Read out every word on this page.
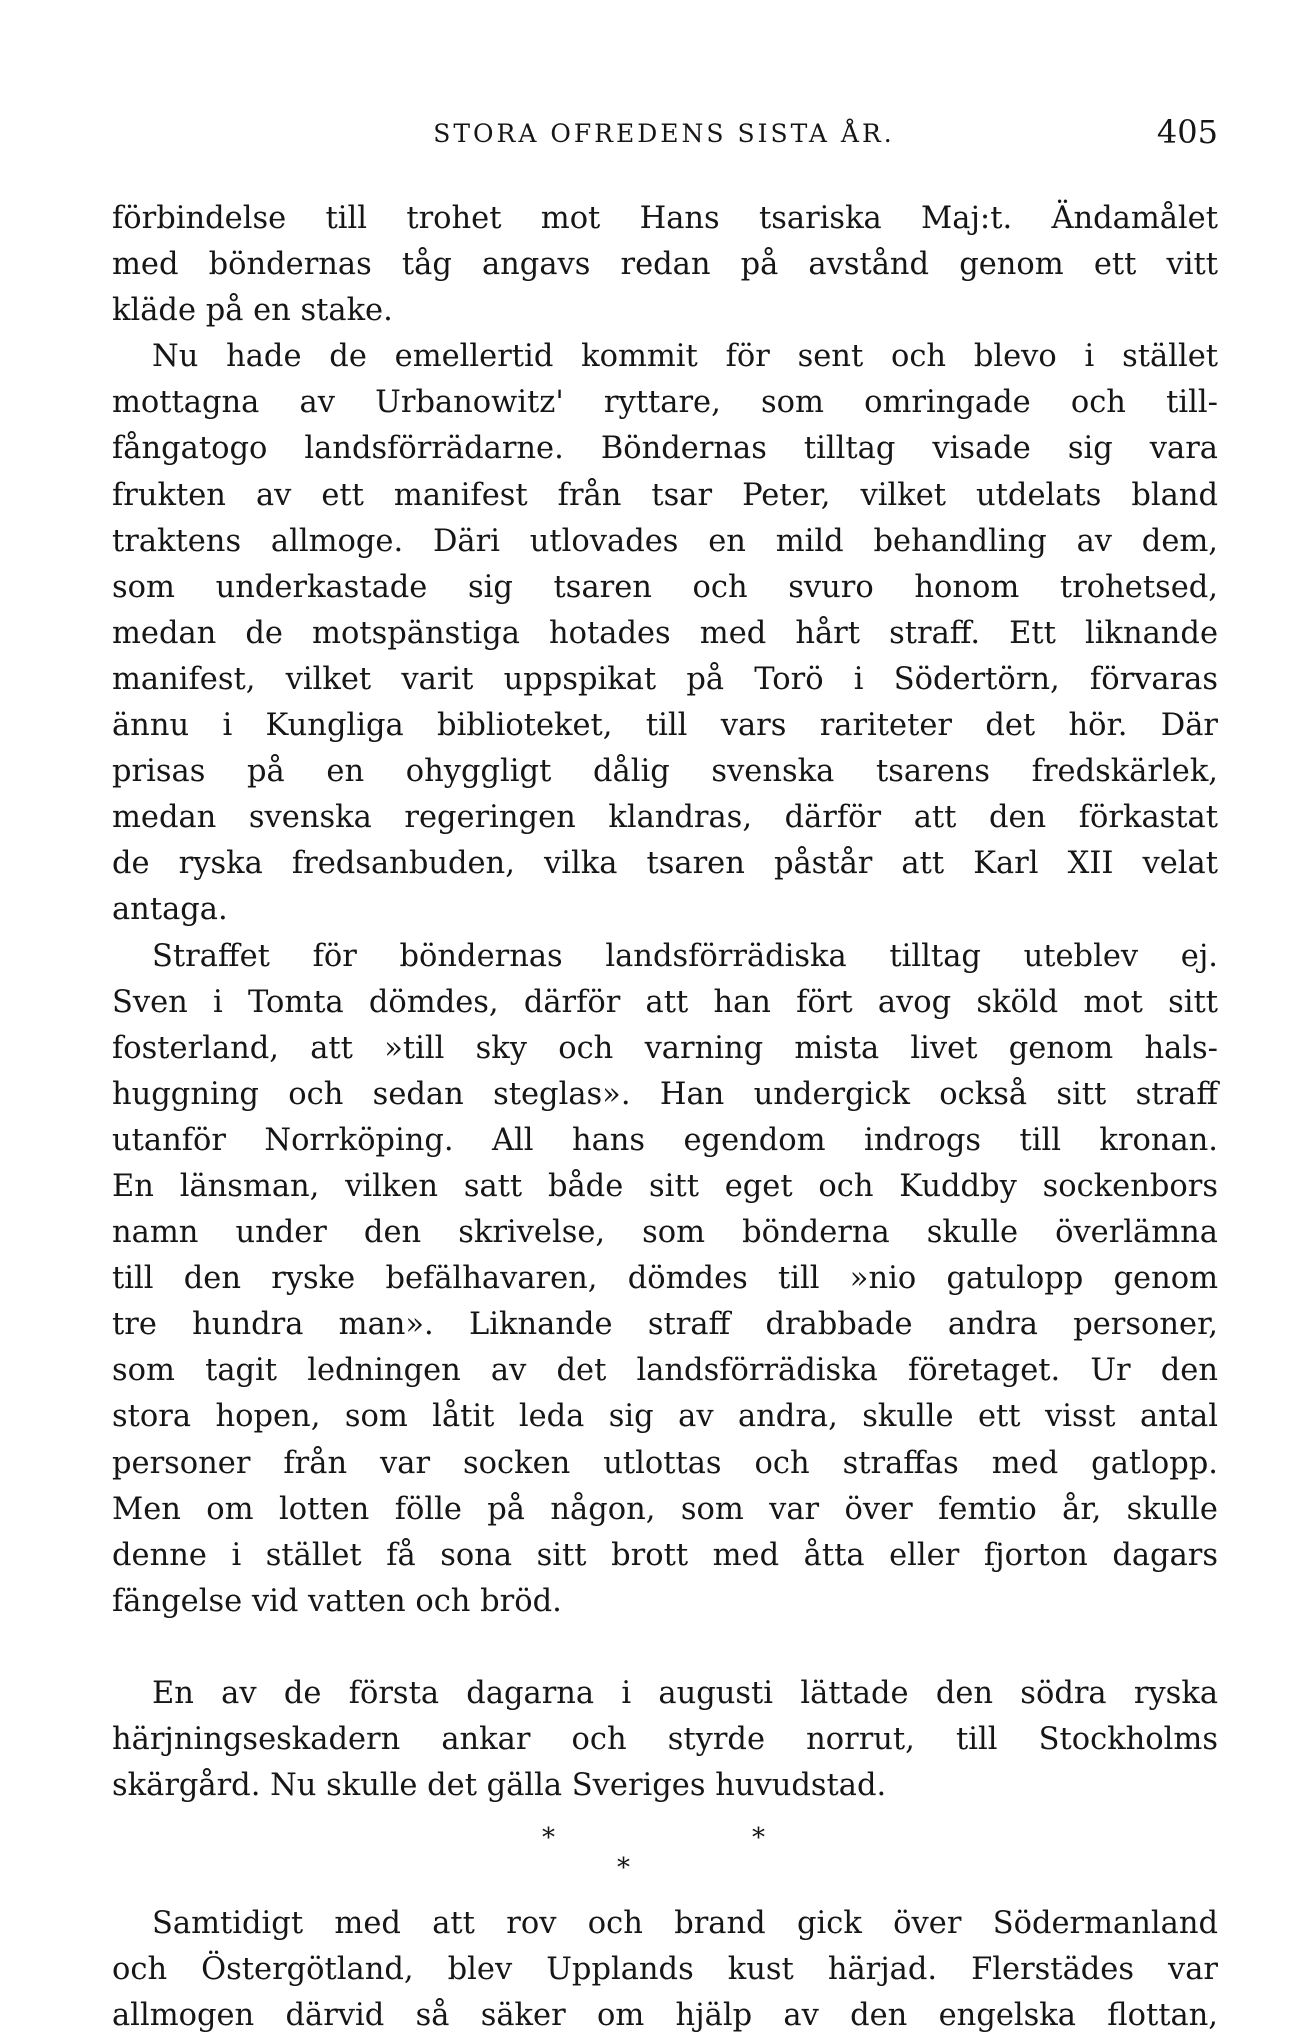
STORA OFREDENS SISTA ÅR.	405
förbindelse till trohet mot Hans tsariska Maj:t. Ändamålet
med böndernas tåg angavs redan på avstånd genom ett vitt
kläde på en stake.
Nu hade de emellertid kommit för sent och blevo i stället
mottagna av Urbanowitz' ryttare, som omringade och till-
fångatogo landsförrädarne. Böndernas tilltag visade sig vara
frukten av ett manifest från tsar Peter, vilket utdelats bland
traktens allmoge. Däri utlovades en mild behandling av dem,
som underkastade sig tsaren och svuro honom trohetsed,
medan de motspänstiga hotades med hårt straff. Ett liknande
manifest, vilket varit uppspikat på Torö i Södertörn, förvaras
ännu i Kungliga biblioteket, till vars rariteter det hör. Där
prisas på en ohyggligt dålig svenska tsarens fredskärlek,
medan svenska regeringen klandras, därför att den förkastat
de ryska fredsanbuden, vilka tsaren påstår att Karl XII velat
antaga.
Straffet för böndernas landsförrädiska tilltag uteblev ej.
Sven i Tomta dömdes, därför att han fört avog sköld mot sitt
fosterland, att »till sky och varning mista livet genom hals-
huggning och sedan steglas». Han undergick också sitt straff
utanför Norrköping. All hans egendom indrogs till kronan.
En länsman, vilken satt både sitt eget och Kuddby sockenbors
namn under den skrivelse, som bönderna skulle överlämna
till den ryske befälhavaren, dömdes till »nio gatulopp genom
tre hundra man». Liknande straff drabbade andra personer,
som tagit ledningen av det landsförrädiska företaget. Ur den
stora hopen, som låtit leda sig av andra, skulle ett visst antal
personer från var socken utlottas och straffas med gatlopp.
Men om lotten fölle på någon, som var över femtio år, skulle
denne i stället få sona sitt brott med åtta eller fjorton dagars
fängelse vid vatten och bröd.
En av de första dagarna i augusti lättade den södra ryska
härjningseskadern ankar och styrde norrut, till Stockholms
skärgård. Nu skulle det gälla Sveriges huvudstad.
*
*
*
Samtidigt med att rov och brand gick över Södermanland
och Östergötland, blev Upplands kust härjad. Flerstädes var
allmogen därvid så säker om hjälp av den engelska flottan,
